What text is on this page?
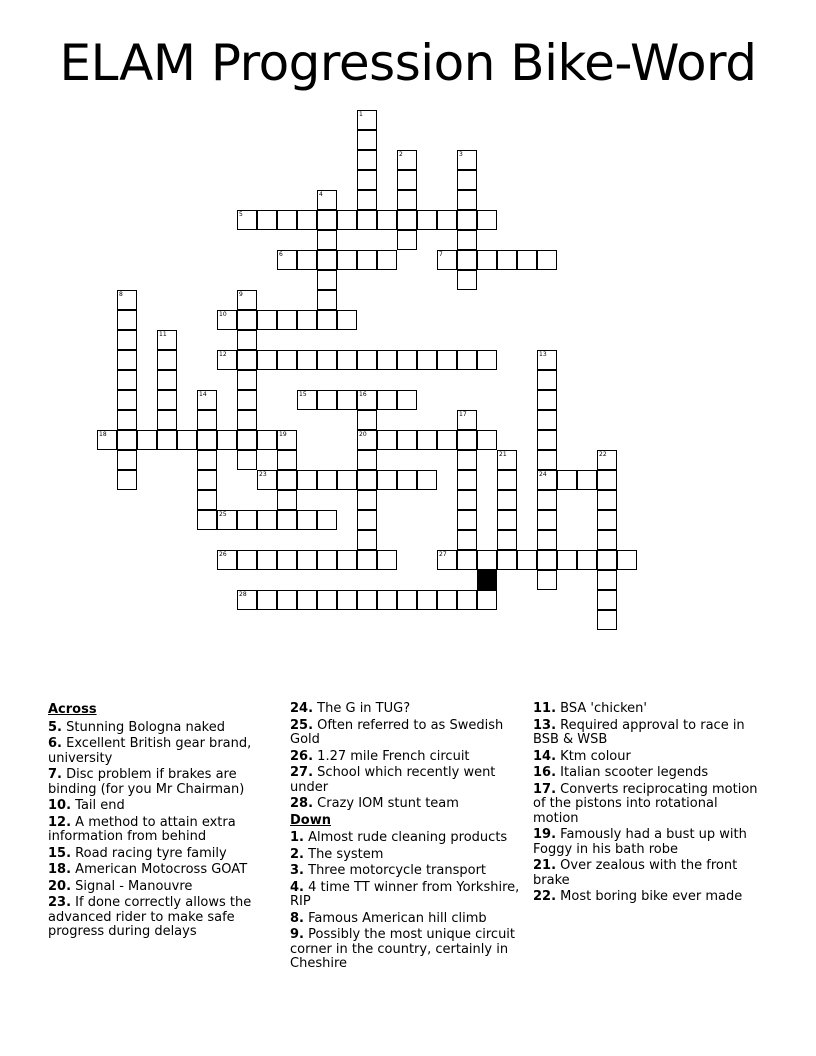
ELAM Progression Bike-Word
1
2	3
4
5
6	7
8	9
10
11
12	13
24
14	15	16
20
17
18	19
21	22
23
25
26	27
28
Across
5. Stunning Bologna naked
6. Excellent British gear brand, university
7. Disc problem if brakes are binding (for you Mr Chairman)
10. Tail end
12. A method to attain extra information from behind
15. Road racing tyre family
18. American Motocross GOAT
20. Signal - Manouvre
23. If done correctly allows the advanced rider to make safe progress during delays
24. The G in TUG?
25. Often referred to as Swedish Gold
26. 1.27 mile French circuit
27. School which recently went under
28. Crazy IOM stunt team
Down
1. Almost rude cleaning products
2. The system
3. Three motorcycle transport
4. 4 time TT winner from Yorkshire, RIP
8. Famous American hill climb
9. Possibly the most unique circuit corner in the country, certainly in Cheshire
11. BSA 'chicken'
13. Required approval to race in BSB & WSB
14. Ktm colour
16. Italian scooter legends
17. Converts reciprocating motion of the pistons into rotational motion
19. Famously had a bust up with Foggy in his bath robe
21. Over zealous with the front brake
22. Most boring bike ever made
